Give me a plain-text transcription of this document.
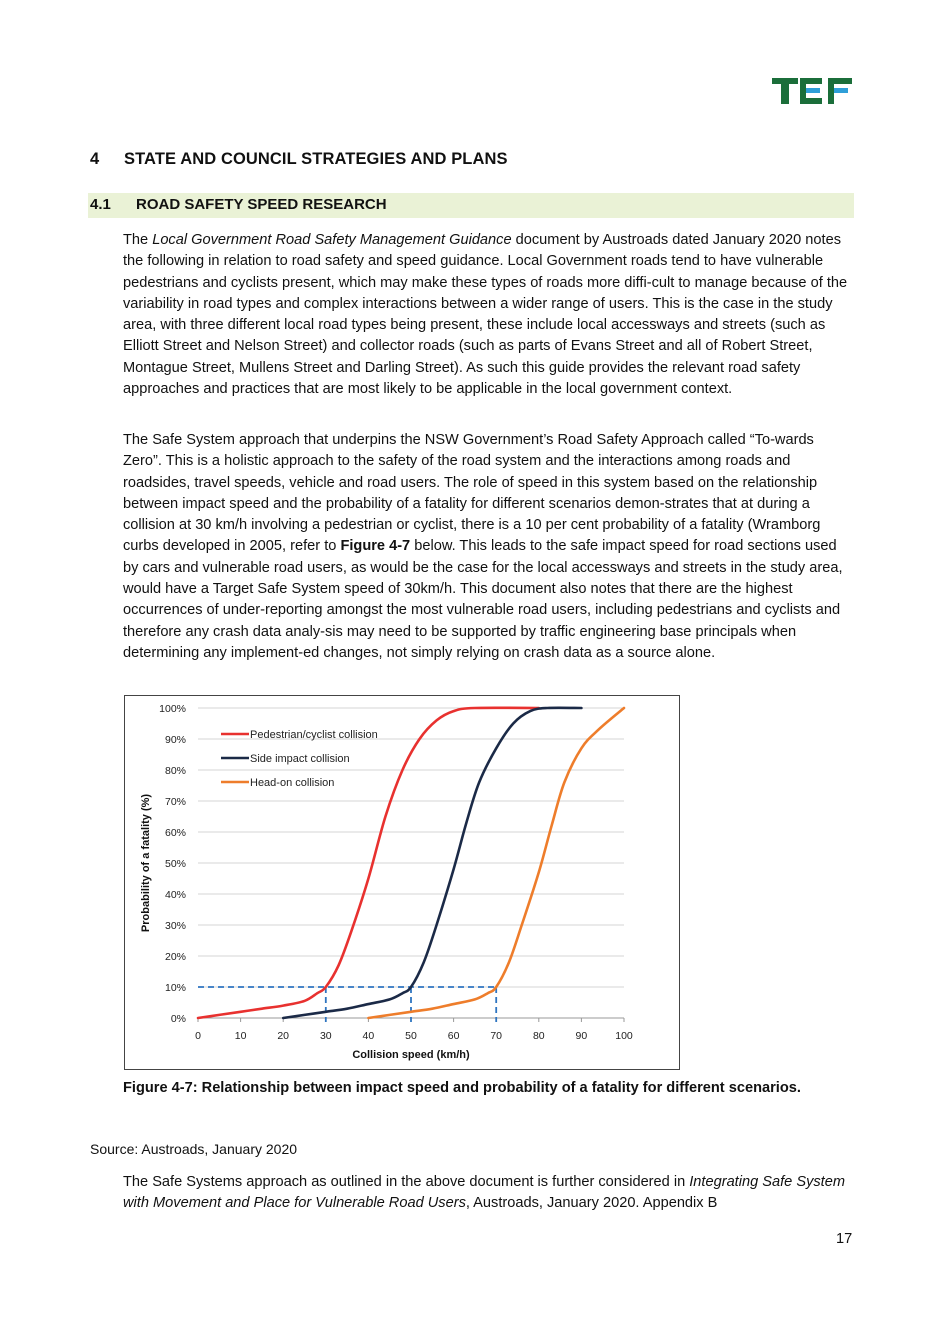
4 STATE AND COUNCIL STRATEGIES AND PLANS
4.1 ROAD SAFETY SPEED RESEARCH

The Local Government Road Safety Management Guidance document by Austroads dated January 2020 notes the following in relation to road safety and speed guidance. Local Government roads tend to have vulnerable pedestrians and cyclists present, which may make these types of roads more diffi-cult to manage because of the variability in road types and complex interactions between a wider range of users. This is the case in the study area, with three different local road types being present, these include local accessways and streets (such as Elliott Street and Nelson Street) and collector roads (such as parts of Evans Street and all of Robert Street, Montague Street, Mullens Street and Darling Street). As such this guide provides the relevant road safety approaches and practices that are most likely to be applicable in the local government context.

The Safe System approach that underpins the NSW Government’s Road Safety Approach called “To-wards Zero”. This is a holistic approach to the safety of the road system and the interactions among roads and roadsides, travel speeds, vehicle and road users. The role of speed in this system based on the relationship between impact speed and the probability of a fatality for different scenarios demon-strates that at during a collision at 30 km/h involving a pedestrian or cyclist, there is a 10 per cent probability of a fatality (Wramborg curbs developed in 2005, refer to Figure 4-7 below. This leads to the safe impact speed for road sections used by cars and vulnerable road users, as would be the case for the local accessways and streets in the study area, would have a Target Safe System speed of 30km/h. This document also notes that there are the highest occurrences of under-reporting amongst the most vulnerable road users, including pedestrians and cyclists and therefore any crash data analy-sis may need to be supported by traffic engineering base principals when determining any implement-ed changes, not simply relying on crash data as a source alone.

0%
10%
20%
30%
40%
50%
60%
70%
80%
90%
100%
0	10	20	30	40	50	60	70	80	90	100
Collision speed (km/h)
Probability of a fatality (%)
Pedestrian/cyclist collision
Side impact collision
Head-on collision
Figure 4-7: Relationship between impact speed and probability of a fatality for different scenarios.
Source: Austroads, January 2020

The Safe Systems approach as outlined in the above document is further considered in Integrating Safe System with Movement and Place for Vulnerable Road Users, Austroads, January 2020. Appendix B

17
